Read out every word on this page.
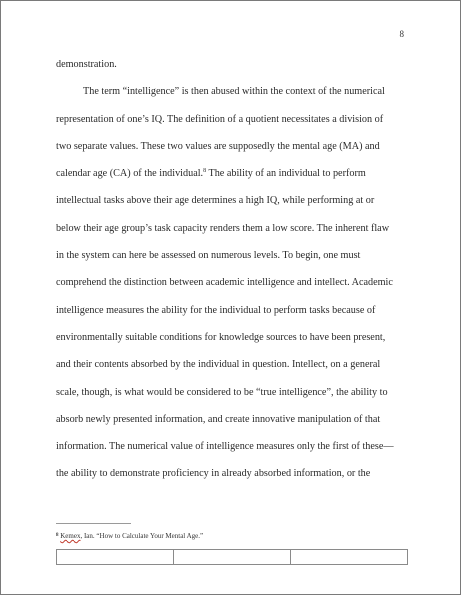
8
demonstration.
The term “intelligence” is then abused within the context of the numerical
representation of one’s IQ. The definition of a quotient necessitates a division of
two separate values. These two values are supposedly the mental age (MA) and
calendar age (CA) of the individual.$^8$ The ability of an individual to perform
intellectual tasks above their age determines a high IQ, while performing at or
below their age group’s task capacity renders them a low score. The inherent flaw
in the system can here be assessed on numerous levels. To begin, one must
comprehend the distinction between academic intelligence and intellect. Academic
intelligence measures the ability for the individual to perform tasks because of
environmentally suitable conditions for knowledge sources to have been present,
and their contents absorbed by the individual in question. Intellect, on a general
scale, though, is what would be considered to be “true intelligence”, the ability to
absorb newly presented information, and create innovative manipulation of that
information. The numerical value of intelligence measures only the first of these—
the ability to demonstrate proficiency in already absorbed information, or the
$^8$ Kemex, Ian. “How to Calculate Your Mental Age.”
